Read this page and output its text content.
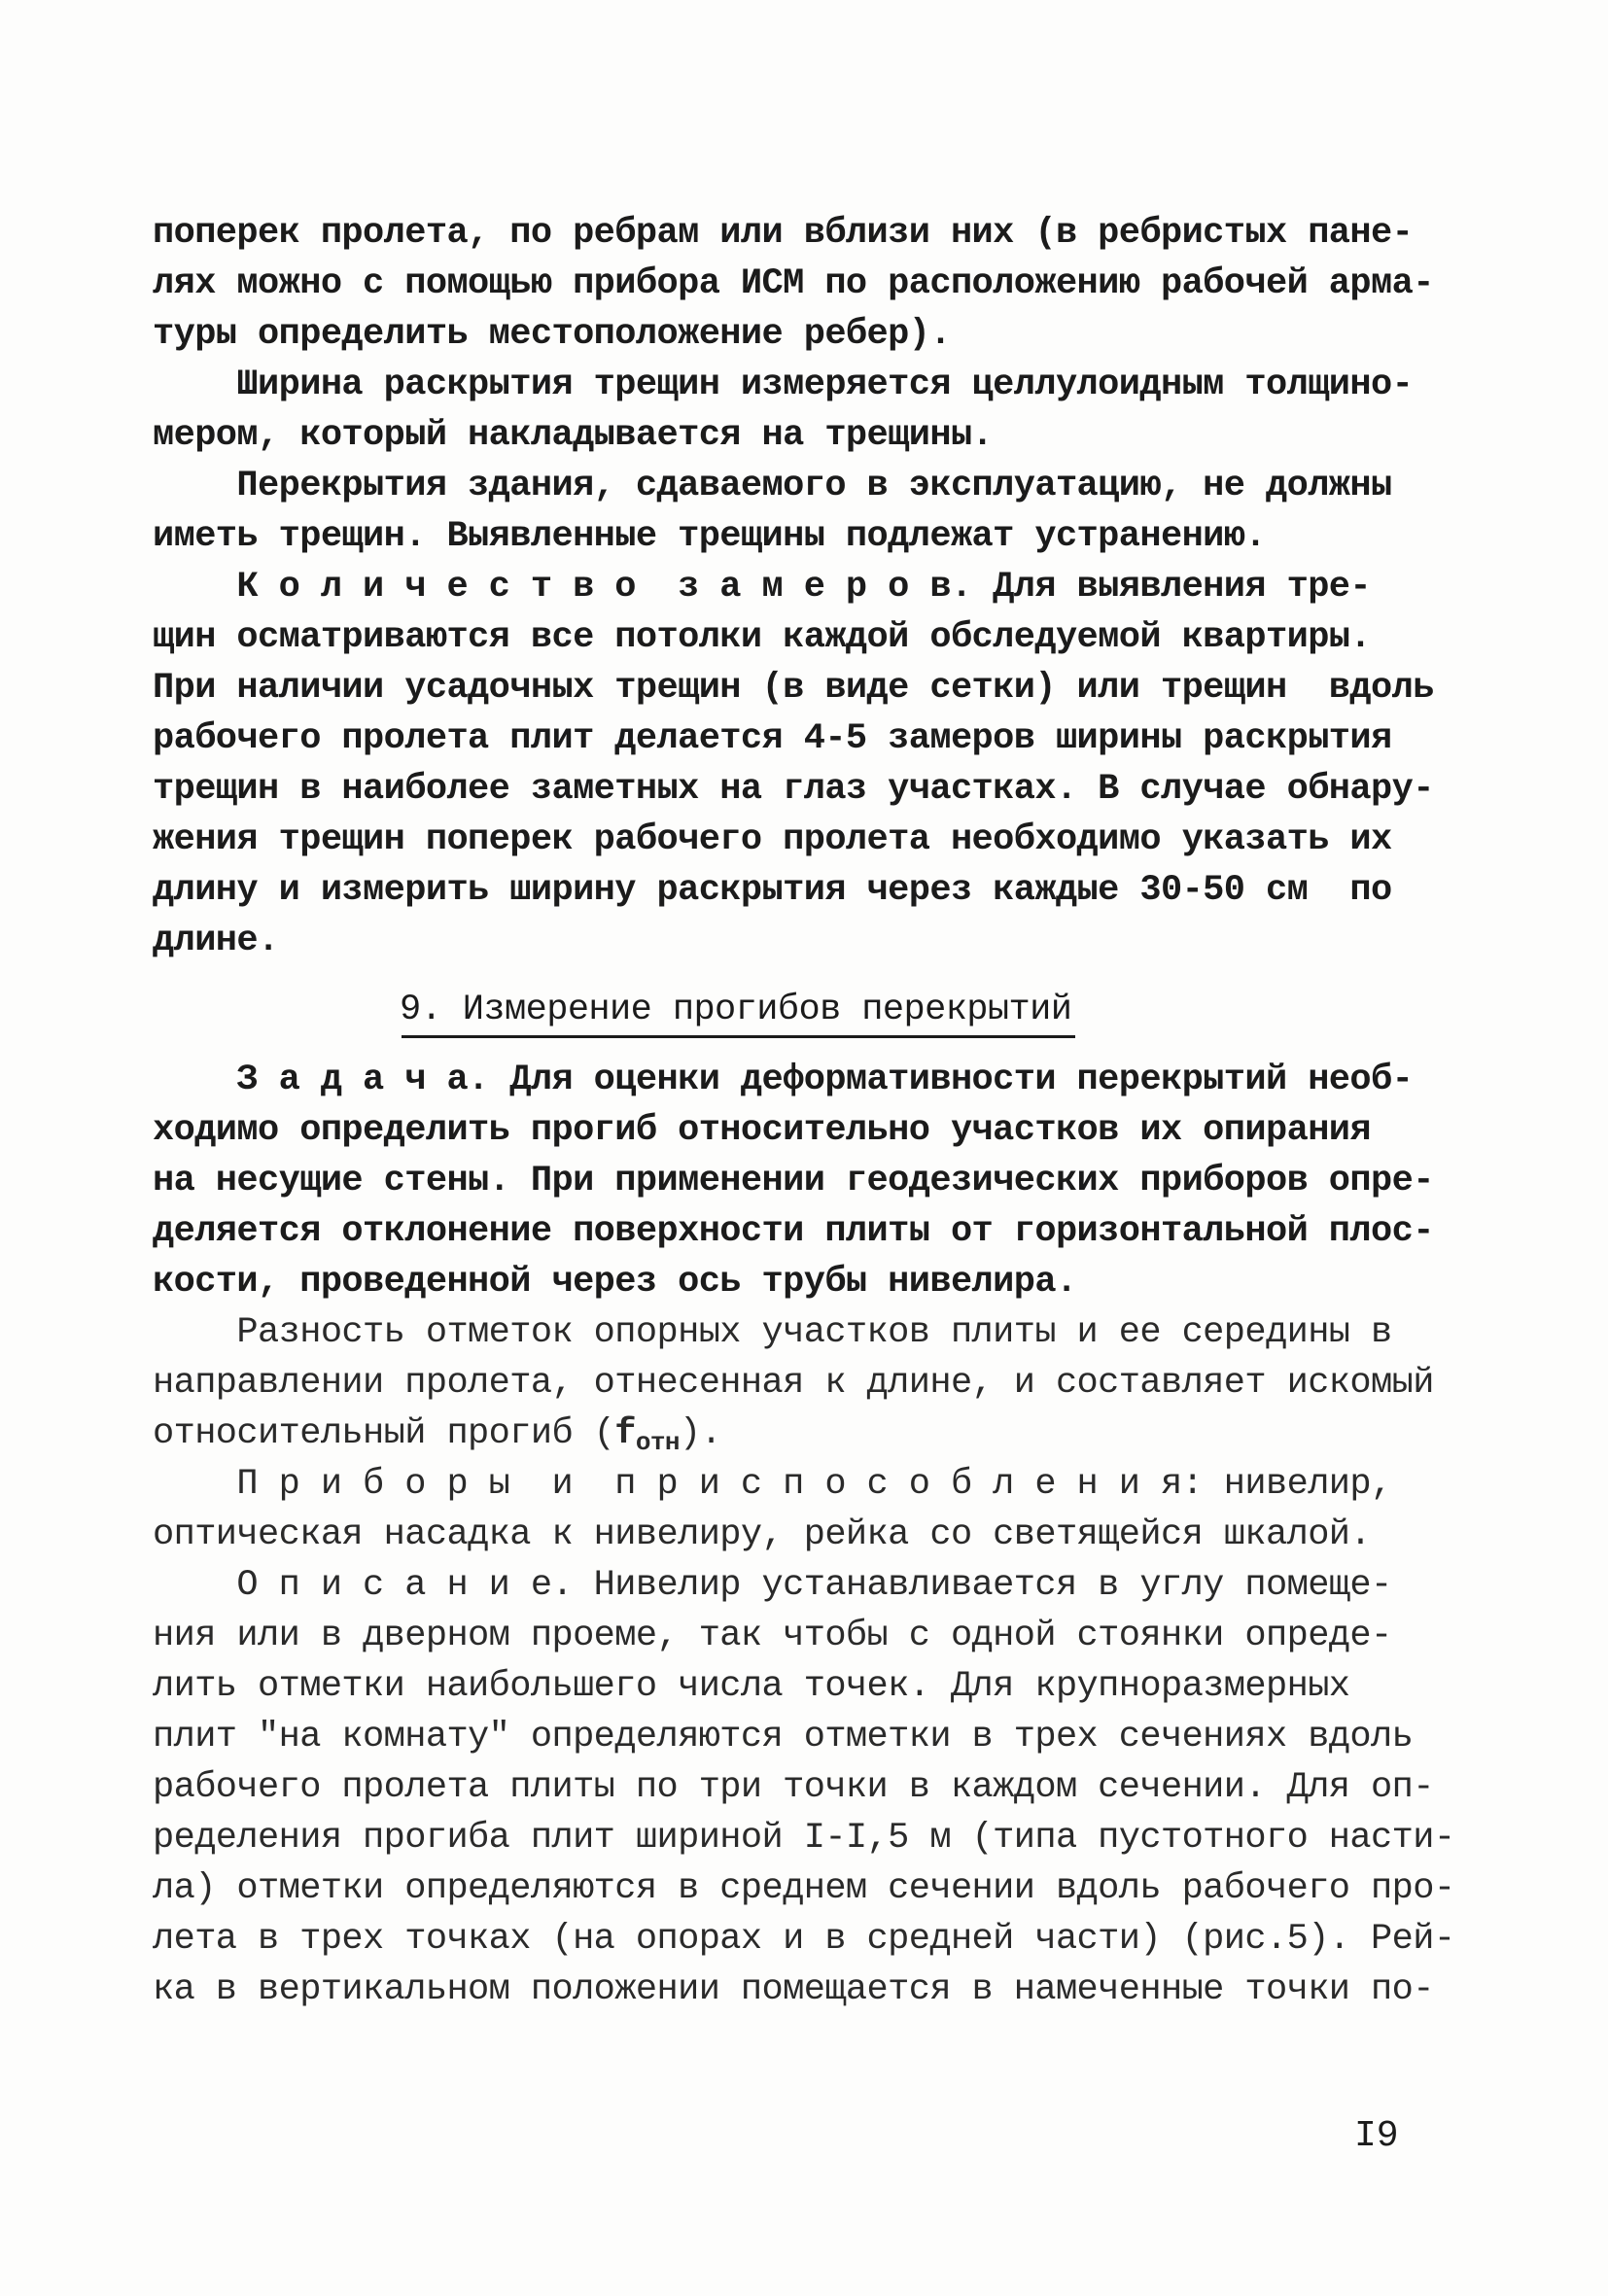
поперек пролета, по ребрам или вблизи них (в ребристых пане-
лях можно с помощью прибора ИСМ по расположению рабочей арма-
туры определить местоположение ребер).
Ширина раскрытия трещин измеряется целлулоидным толщино-
мером, который накладывается на трещины.
Перекрытия здания, сдаваемого в эксплуатацию, не должны
иметь трещин. Выявленные трещины подлежат устранению.
К о л и ч е с т в о  з а м е р о в. Для выявления тре-
щин осматриваются все потолки каждой обследуемой квартиры.
При наличии усадочных трещин (в виде сетки) или трещин  вдоль
рабочего пролета плит делается 4-5 замеров ширины раскрытия
трещин в наиболее заметных на глаз участках. В случае обнару-
жения трещин поперек рабочего пролета необходимо указать их
длину и измерить ширину раскрытия через каждые 30-50 см  по
длине.
9. Измерение прогибов перекрытий
З а д а ч а. Для оценки деформативности перекрытий необ-
ходимо определить прогиб относительно участков их опирания
на несущие стены. При применении геодезических приборов опре-
деляется отклонение поверхности плиты от горизонтальной плос-
кости, проведенной через ось трубы нивелира.
Разность отметок опорных участков плиты и ее середины в
направлении пролета, отнесенная к длине, и составляет искомый
относительный прогиб $(f_{отн})$.
П р и б о р ы  и  п р и с п о с о б л е н и я: нивелир,
оптическая насадка к нивелиру, рейка со светящейся шкалой.
О п и с а н и е. Нивелир устанавливается в углу помеще-
ния или в дверном проеме, так чтобы с одной стоянки опреде-
лить отметки наибольшего числа точек. Для крупноразмерных
плит "на комнату" определяются отметки в трех сечениях вдоль
рабочего пролета плиты по три точки в каждом сечении. Для оп-
ределения прогиба плит шириной I-I,5 м (типа пустотного насти-
ла) отметки определяются в среднем сечении вдоль рабочего про-
лета в трех точках (на опорах и в средней части) (рис.5). Рей-
ка в вертикальном положении помещается в намеченные точки по-
I9
